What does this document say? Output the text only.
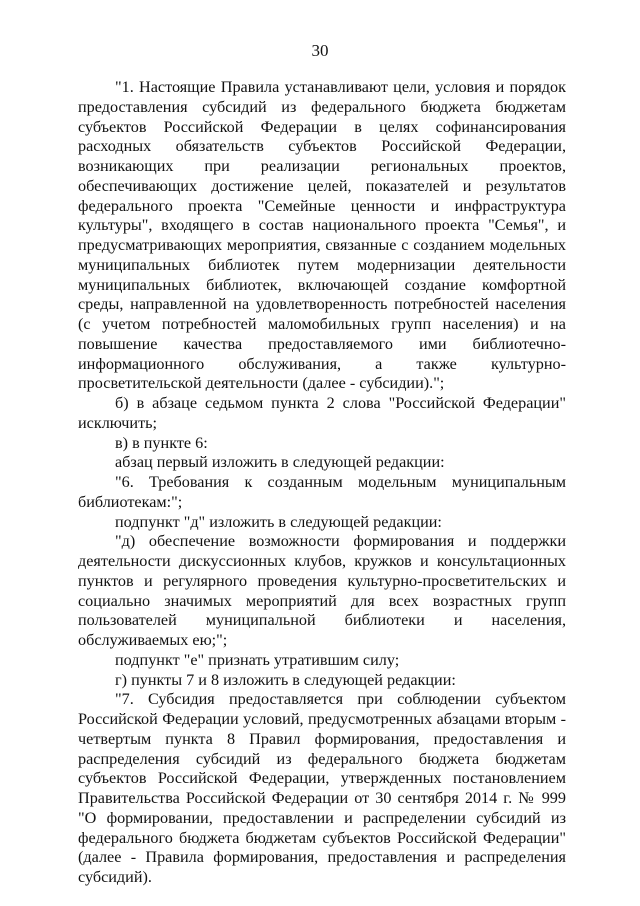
30

"1. Настоящие Правила устанавливают цели, условия и порядок предоставления субсидий из федерального бюджета бюджетам субъектов Российской Федерации в целях софинансирования расходных обязательств субъектов Российской Федерации, возникающих при реализации региональных проектов, обеспечивающих достижение целей, показателей и результатов федерального проекта "Семейные ценности и инфраструктура культуры", входящего в состав национального проекта "Семья", и предусматривающих мероприятия, связанные с созданием модельных муниципальных библиотек путем модернизации деятельности муниципальных библиотек, включающей создание комфортной среды, направленной на удовлетворенность потребностей населения (с учетом потребностей маломобильных групп населения) и на повышение качества предоставляемого ими библиотечно-информационного обслуживания, а также культурно-просветительской деятельности (далее - субсидии).";

б) в абзаце седьмом пункта 2 слова "Российской Федерации" исключить;

в) в пункте 6:

абзац первый изложить в следующей редакции:

"6. Требования к созданным модельным муниципальным библиотекам:";

подпункт "д" изложить в следующей редакции:

"д) обеспечение возможности формирования и поддержки деятельности дискуссионных клубов, кружков и консультационных пунктов и регулярного проведения культурно-просветительских и социально значимых мероприятий для всех возрастных групп пользователей муниципальной библиотеки и населения, обслуживаемых ею;";

подпункт "е" признать утратившим силу;

г) пункты 7 и 8 изложить в следующей редакции:

"7. Субсидия предоставляется при соблюдении субъектом Российской Федерации условий, предусмотренных абзацами вторым - четвертым пункта 8 Правил формирования, предоставления и распределения субсидий из федерального бюджета бюджетам субъектов Российской Федерации, утвержденных постановлением Правительства Российской Федерации от 30 сентября 2014 г. № 999 "О формировании, предоставлении и распределении субсидий из федерального бюджета бюджетам субъектов Российской Федерации" (далее - Правила формирования, предоставления и распределения субсидий).
